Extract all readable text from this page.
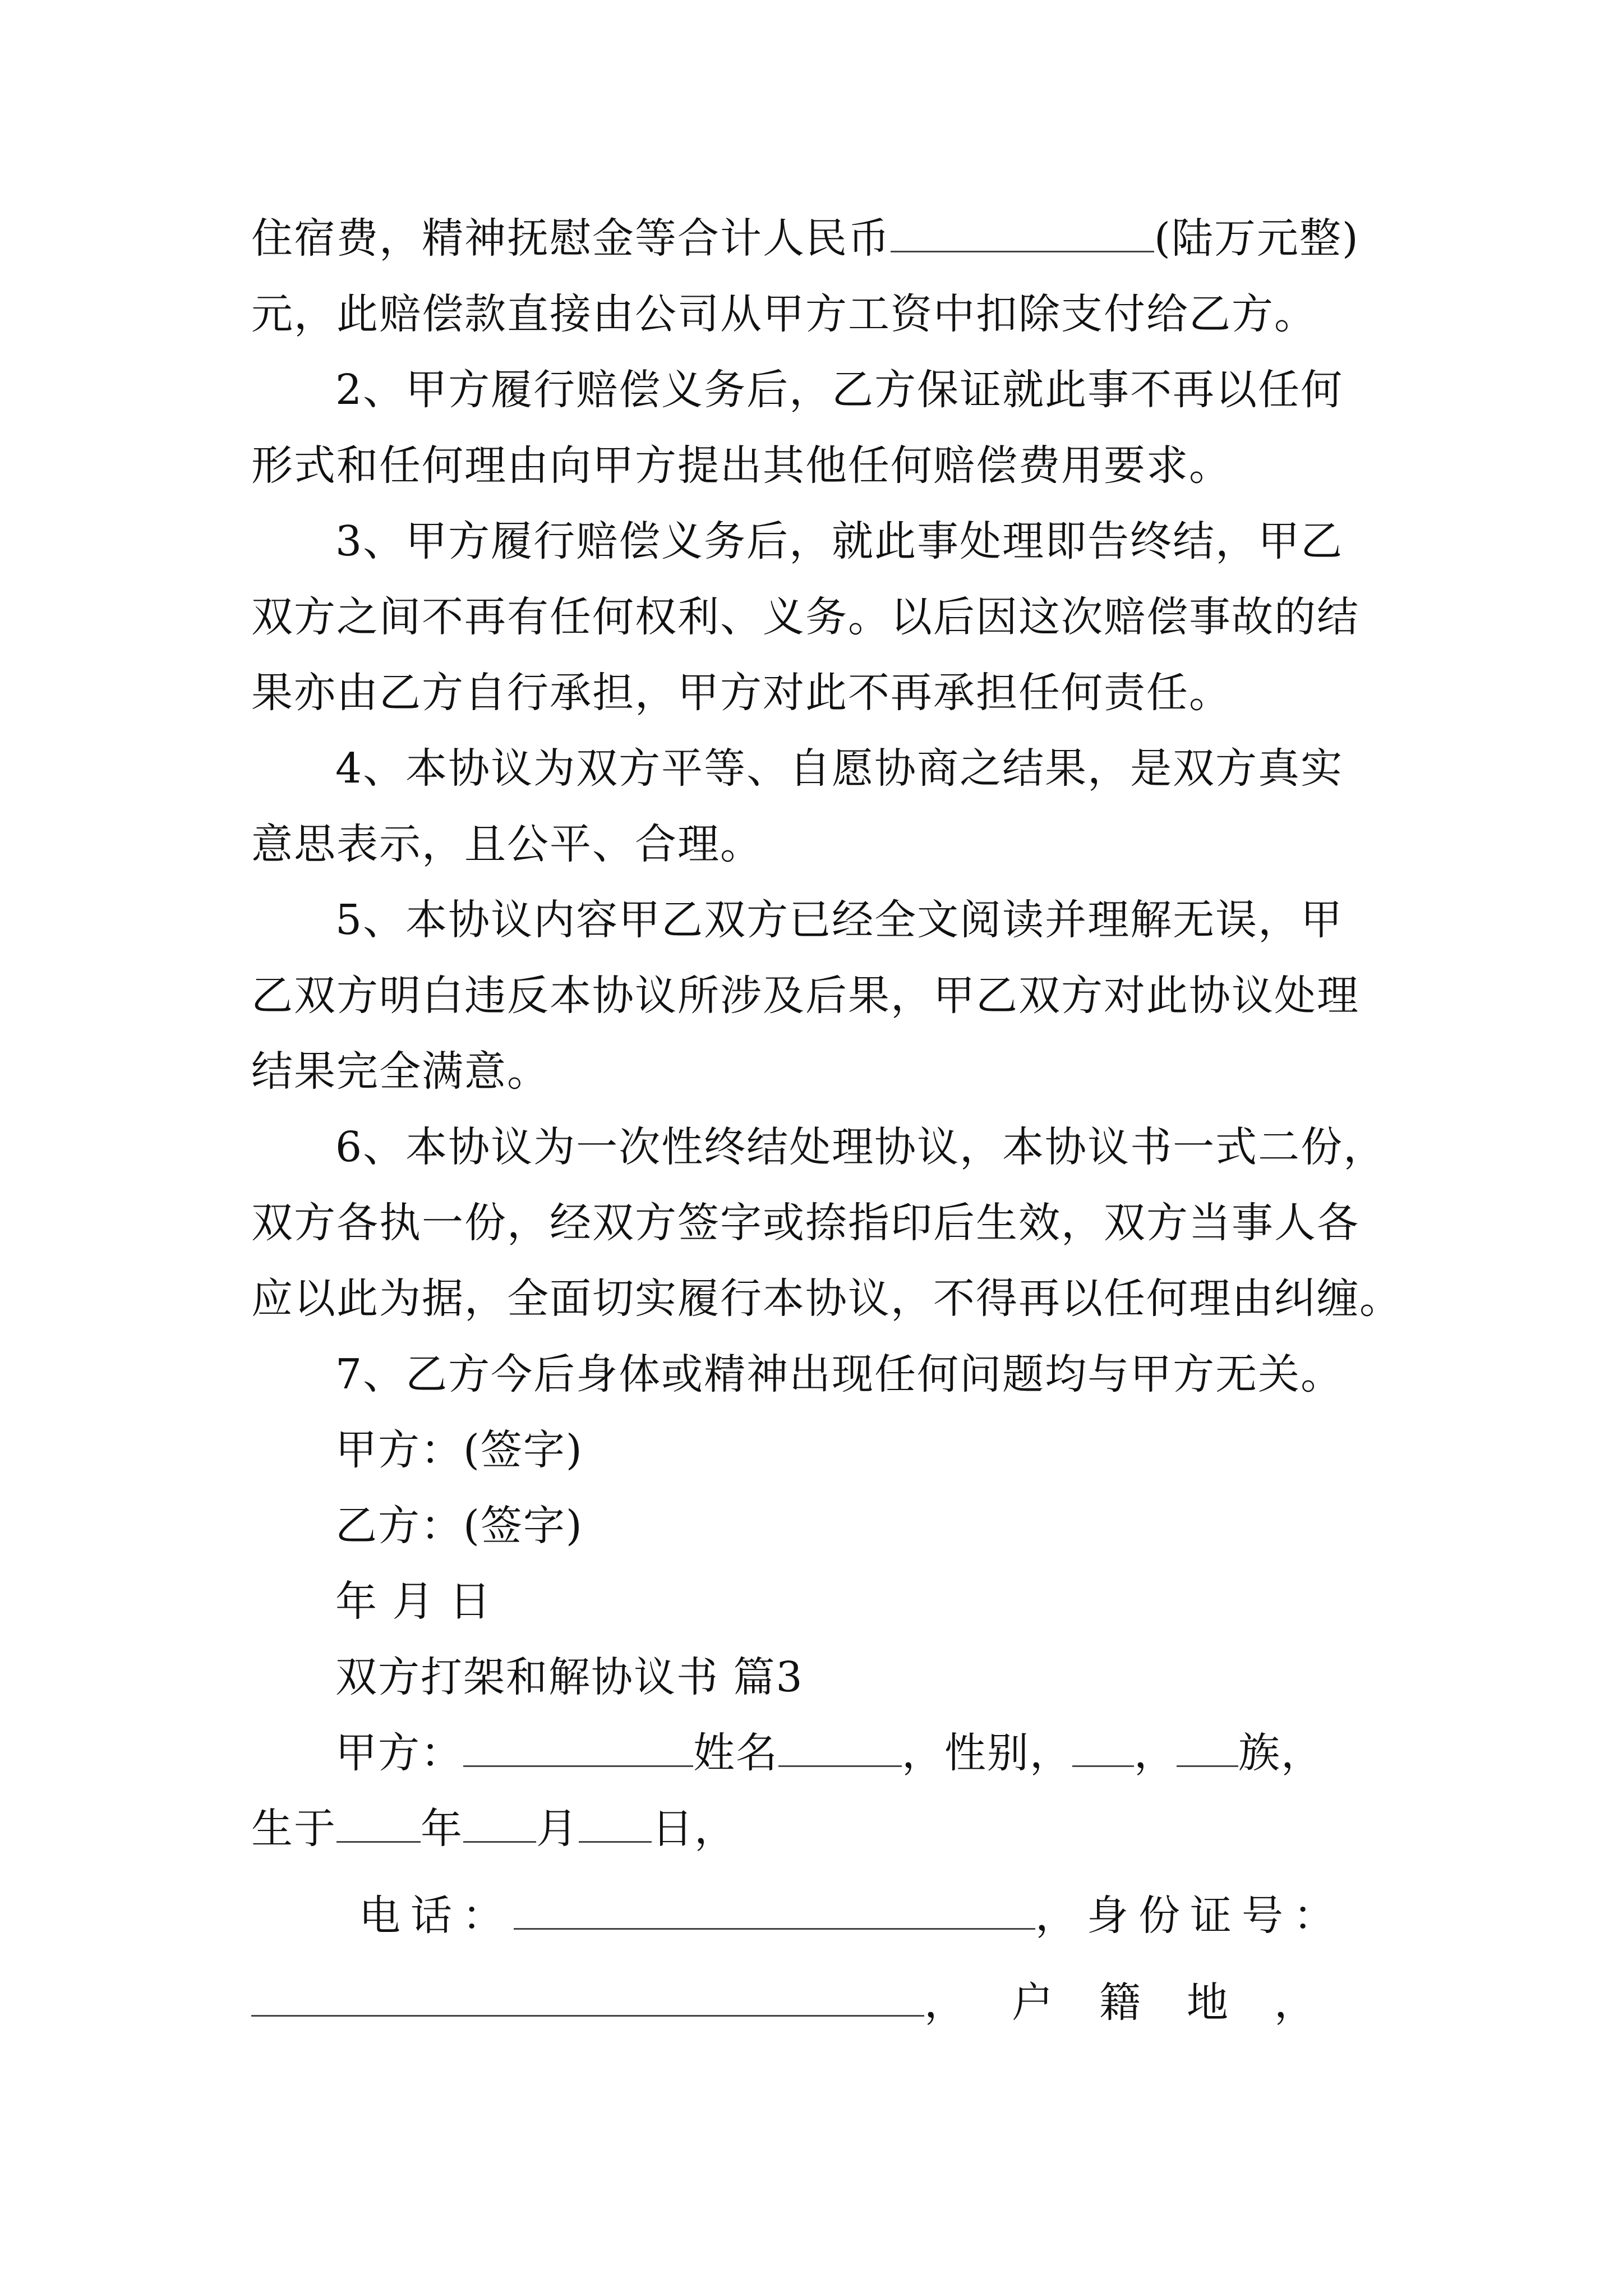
住宿费，精神抚慰金等合计人民币	(陆万元整)
元，此赔偿款直接由公司从甲方工资中扣除支付给乙方。
2、甲方履行赔偿义务后，乙方保证就此事不再以任何
形式和任何理由向甲方提出其他任何赔偿费用要求。
3、甲方履行赔偿义务后，就此事处理即告终结，甲乙
双方之间不再有任何权利、义务。以后因这次赔偿事故的结
果亦由乙方自行承担，甲方对此不再承担任何责任。
4、本协议为双方平等、自愿协商之结果，是双方真实
意思表示，且公平、合理。
5、本协议内容甲乙双方已经全文阅读并理解无误，甲
乙双方明白违反本协议所涉及后果，甲乙双方对此协议处理
结果完全满意。
6、本协议为一次性终结处理协议，本协议书一式二份，
双方各执一份，经双方签字或捺指印后生效，双方当事人各
应以此为据，全面切实履行本协议，不得再以任何理由纠缠。
7、乙方今后身体或精神出现任何问题均与甲方无关。
甲方：(签字)
乙方：(签字)
年 月 日
双方打架和解协议书 篇3
甲方：	姓名	，性别， ， 族，
生于 年 月 日，
电话：	，身份证号：
，户籍地，
